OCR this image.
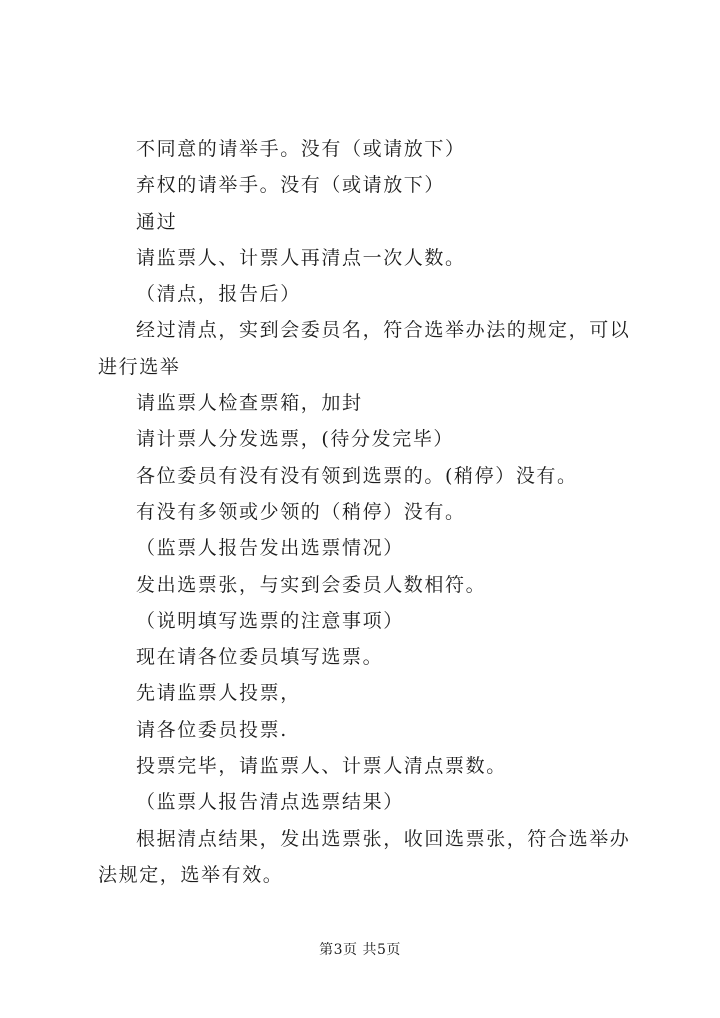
不同意的请举手。没有（或请放下）

弃权的请举手。没有（或请放下）

通过

请监票人、计票人再清点一次人数。

（清点，报告后）

经过清点，实到会委员名，符合选举办法的规定，可以进行选举

请监票人检查票箱，加封

请计票人分发选票，(待分发完毕）

各位委员有没有没有领到选票的。(稍停）没有。

有没有多领或少领的（稍停）没有。

（监票人报告发出选票情况）

发出选票张，与实到会委员人数相符。

（说明填写选票的注意事项）

现在请各位委员填写选票。

先请监票人投票，

请各位委员投票.

投票完毕，请监票人、计票人清点票数。

（监票人报告清点选票结果）

根据清点结果，发出选票张，收回选票张，符合选举办法规定，选举有效。

第3页 共5页
